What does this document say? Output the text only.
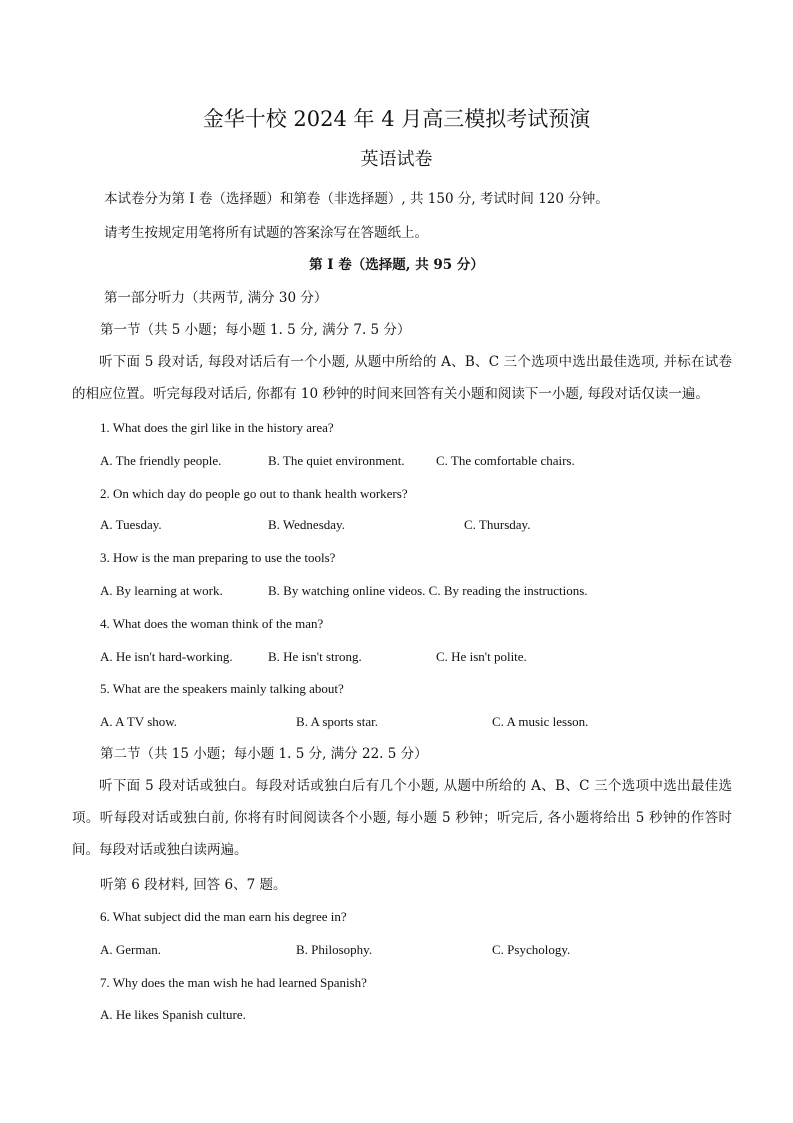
金华十校 2024 年 4 月高三模拟考试预演
英语试卷
本试卷分为第 I 卷（选择题）和第卷（非选择题）, 共 150 分, 考试时间 120 分钟。
请考生按规定用笔将所有试题的答案涂写在答题纸上。
第 I 卷（选择题, 共 95 分）
第一部分听力（共两节, 满分 30 分）
第一节（共 5 小题；每小题 1. 5 分, 满分 7. 5 分）
听下面 5 段对话, 每段对话后有一个小题, 从题中所给的 A、B、C 三个选项中选出最佳选项, 并标在试卷的相应位置。听完每段对话后, 你都有 10 秒钟的时间来回答有关小题和阅读下一小题, 每段对话仅读一遍。
1. What does the girl like in the history area?
A. The friendly people.	B. The quiet environment. C. The comfortable chairs.
2. On which day do people go out to thank health workers?
A. Tuesday.	B. Wednesday.	C. Thursday.
3. How is the man preparing to use the tools?
A. By learning at work.	B. By watching online videos. C. By reading the instructions.
4. What does the woman think of the man?
A. He isn't hard-working.	B. He isn't strong.	C. He isn't polite.
5. What are the speakers mainly talking about?
A. A TV show.	B. A sports star.	C. A music lesson.
第二节（共 15 小题；每小题 1. 5 分, 满分 22. 5 分）
听下面 5 段对话或独白。每段对话或独白后有几个小题, 从题中所给的 A、B、C 三个选项中选出最佳选项。听每段对话或独白前, 你将有时间阅读各个小题, 每小题 5 秒钟；听完后, 各小题将给出 5 秒钟的作答时间。每段对话或独白读两遍。
听第 6 段材料, 回答 6、7 题。
6. What subject did the man earn his degree in?
A. German.	B. Philosophy.	C. Psychology.
7. Why does the man wish he had learned Spanish?
A. He likes Spanish culture.
